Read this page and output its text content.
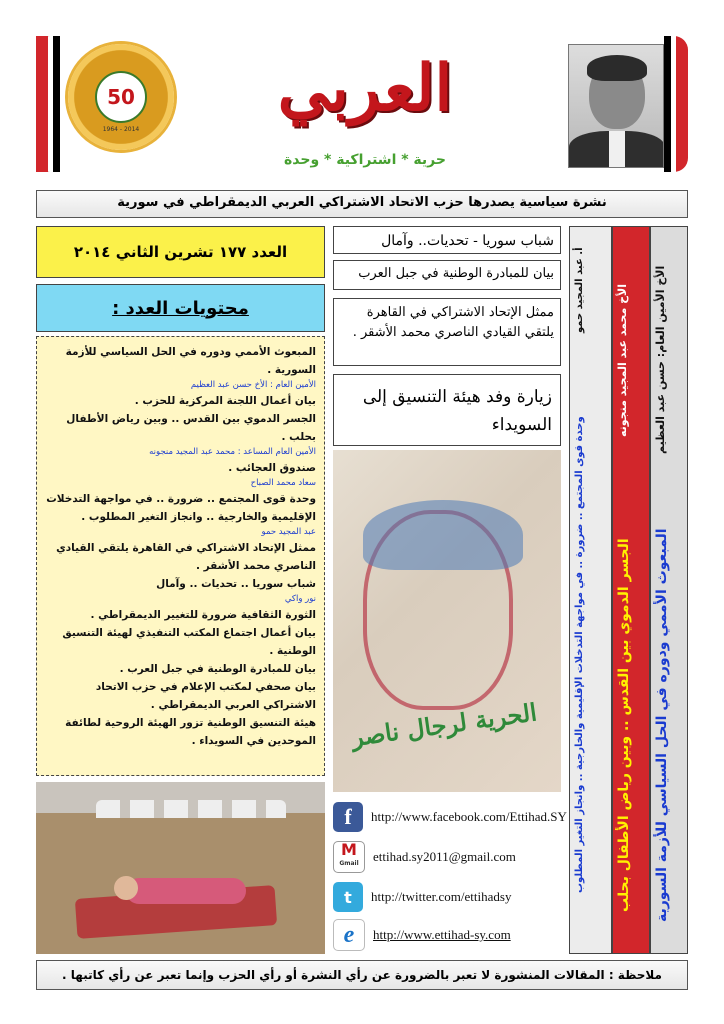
50
1964 - 2014
العربي
حرية * اشتراكية * وحدة
نشرة سياسية يصدرها حزب الاتحاد الاشتراكي العربي الديمقراطي في سورية
العدد ١٧٧ تشرين الثاني ٢٠١٤
محتويات العدد :
المبعوث الأممي ودوره في الحل السياسي للأزمة
السورية .
الأمين العام : الأخ حسن عبد العظيم
بيان أعمال اللجنة المركزية للحزب .
الجسر الدموي بين القدس .. وبين رياض الأطفال بحلب .
الأمين العام المساعد : محمد عبد المجيد منجونه
صندوق العجائب .
سعاد محمد الصباح
وحدة قوى المجتمع .. ضرورة .. في مواجهة التدخلات الإقليمية والخارجية .. وانجاز التغير المطلوب .
عبد المجيد حمو
ممثل الإتحاد الاشتراكي في القاهرة يلتقي القيادي الناصري محمد الأشقر .
شباب سوريا .. تحديات .. وآمال
نور واكي
الثورة الثقافية ضرورة للتغيير الديمقراطي .
بيان أعمال اجتماع المكتب التنفيذي لهيئة التنسيق الوطنية .
بيان للمبادرة الوطنية في جبل العرب .
بيان صحفي لمكتب الإعلام في حزب الاتحاد الاشتراكي العربي الديمقراطي .
هيئة التنسيق الوطنية تزور الهيئة الروحية لطائفة الموحدين في السويداء .
شباب سوريا - تحديات.. وآمال
بيان للمبادرة الوطنية في جبل العرب
ممثل الإتحاد الاشتراكي في القاهرة يلتقي القيادي الناصري محمد الأشقر .
زيارة وفد هيئة التنسيق إلى السويداء
الحرية لرجال ناصر
الأخ الأمين العام: حسن عبد العظيم
المبعوث الأممي ودوره في الحل السياسي للأزمة السورية
الأخ محمد عبد المجيد منجونه
الجسر الدموي بين القدس .. وبين رياض الأطفال بحلب
أ. عبد المجيد حمو
وحدة قوى المجتمع .. ضرورة .. في مواجهة التدخلات الإقليمية والخارجية .. وانجاز التغير المطلوب
f	http://www.facebook.com/Ettihad.SY
M
Gmail ettihad.sy2011@gmail.com
t	http://twitter.com/ettihadsy
e	http://www.ettihad-sy.com
ملاحظة : المقالات المنشورة لا تعبر بالضرورة عن رأي النشرة أو رأي الحزب وإنما تعبر عن رأي كاتبها .
